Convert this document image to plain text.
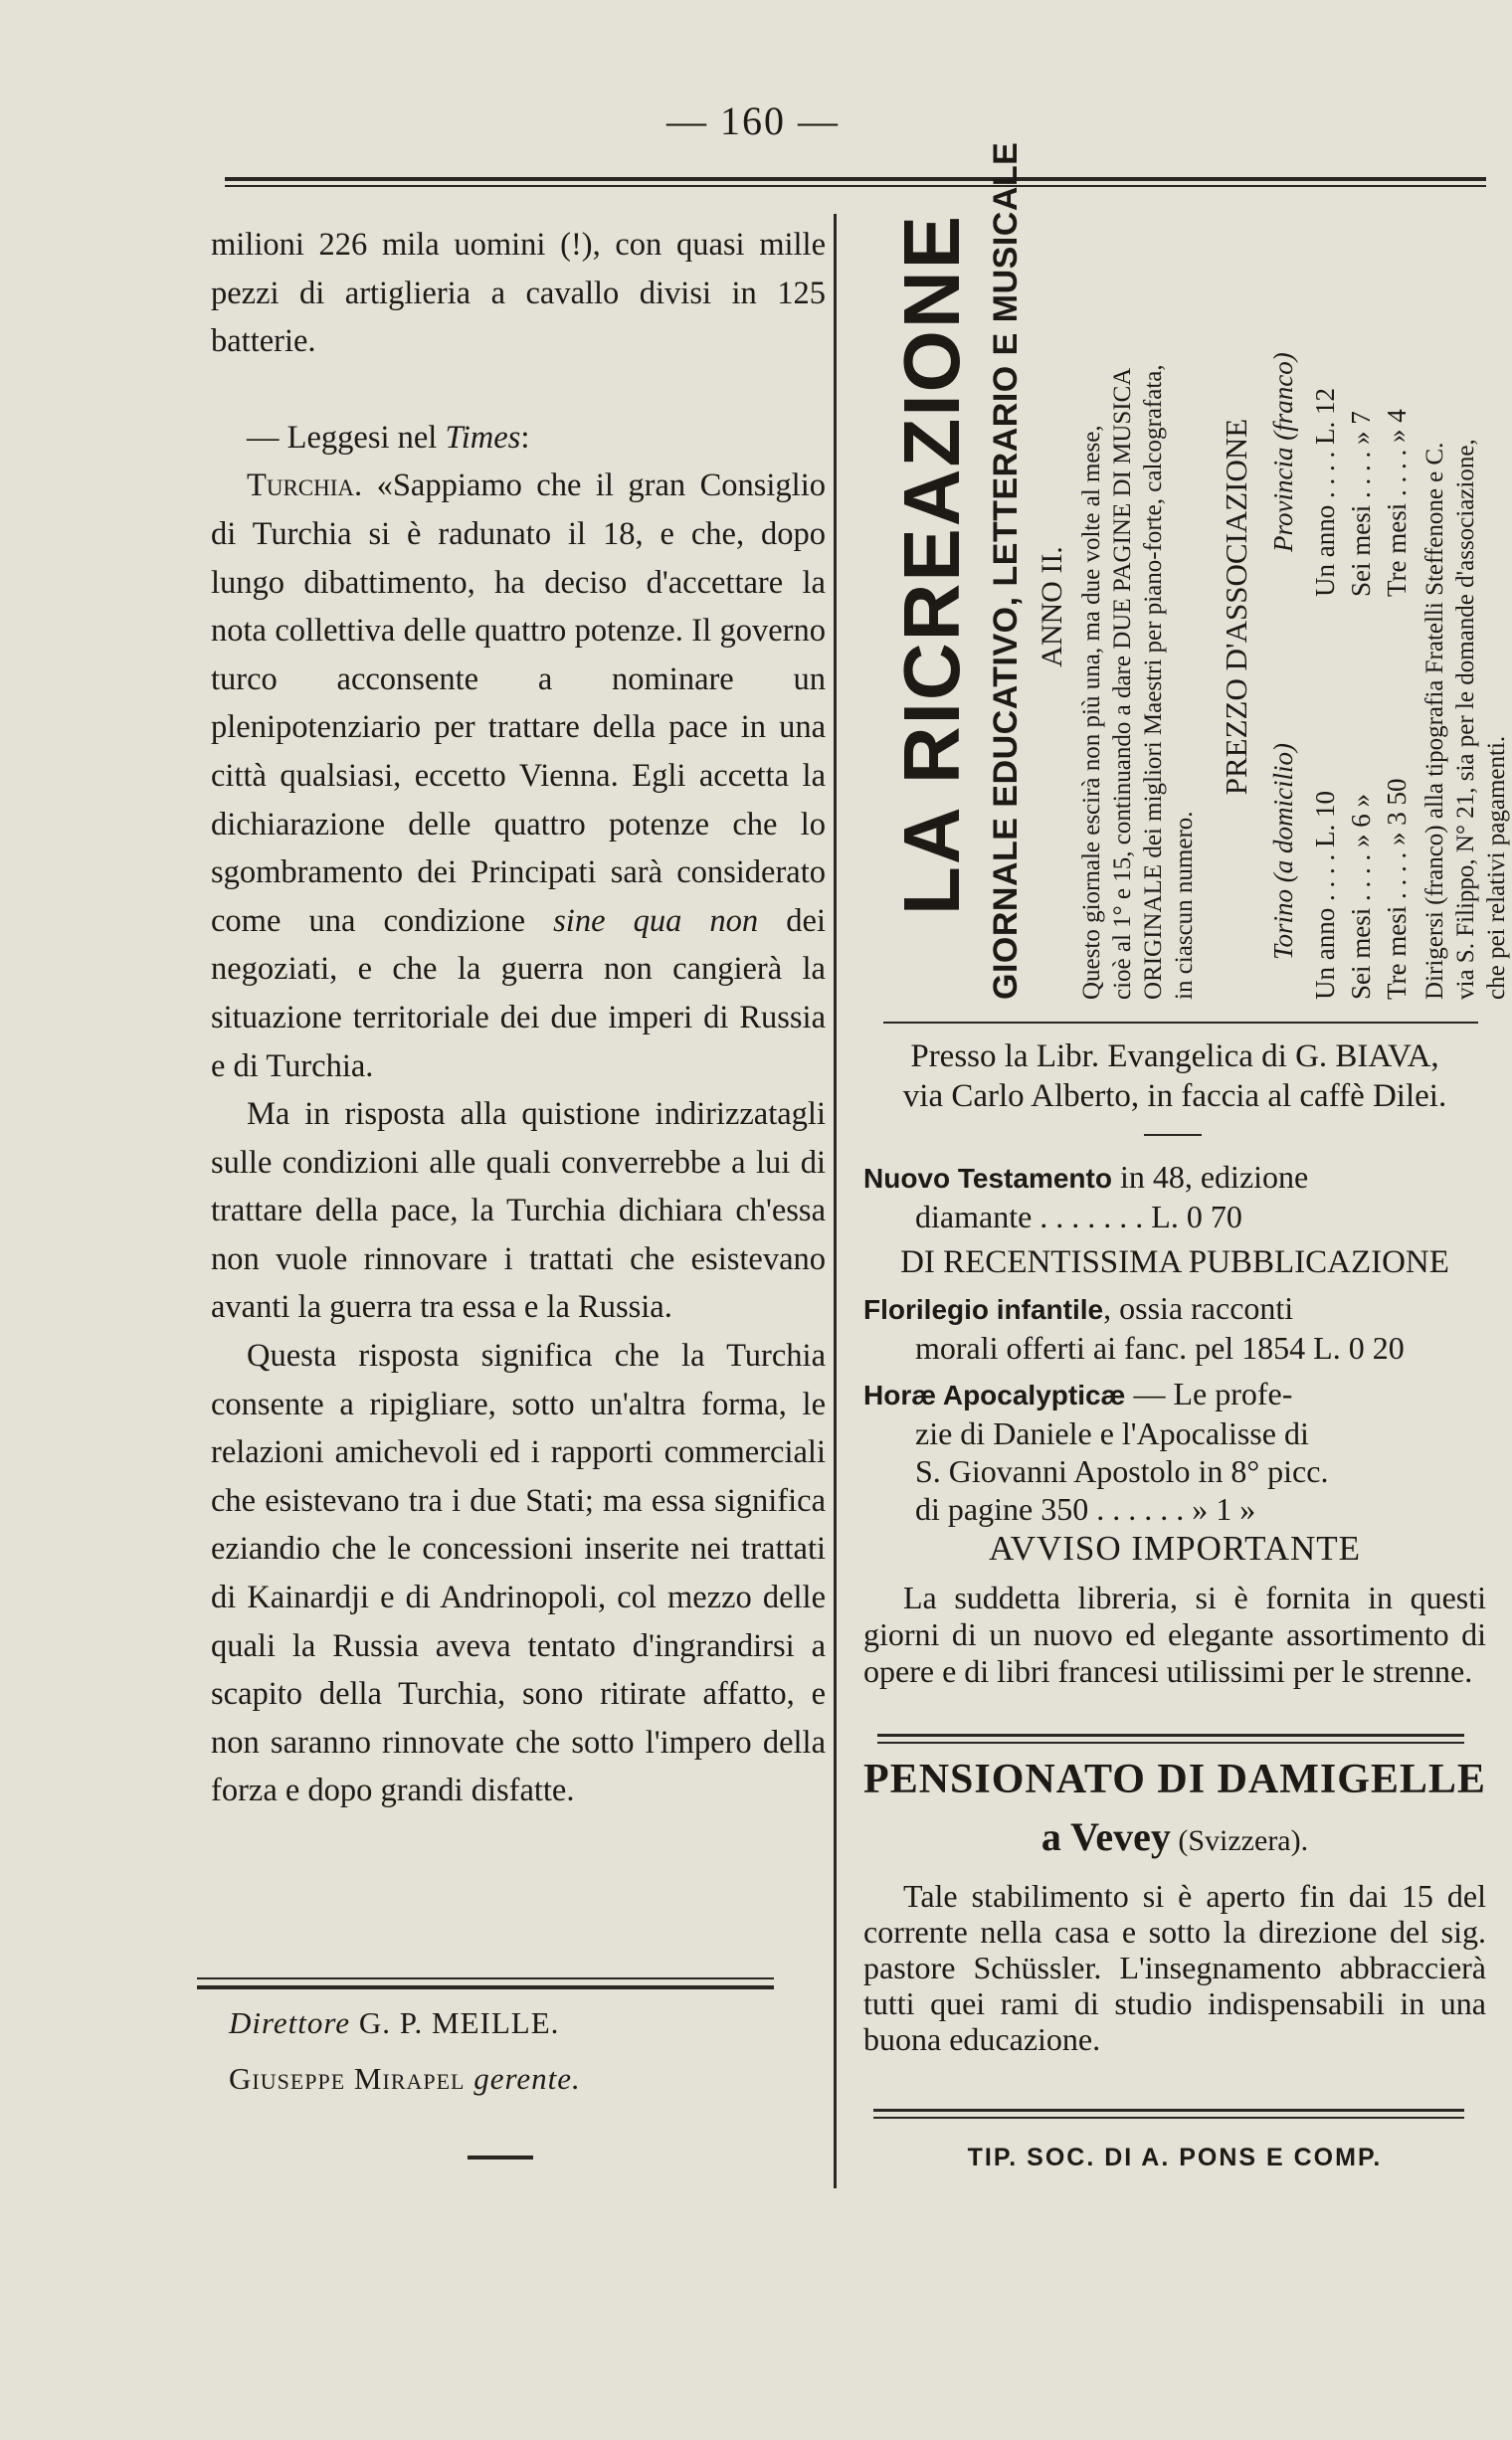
— 160 —

milioni 226 mila uomini (!), con quasi mille pezzi di artiglieria a cavallo divisi in 125 batterie.

— Leggesi nel Times:

Turchia. «Sappiamo che il gran Consiglio di Turchia si è radunato il 18, e che, dopo lungo dibattimento, ha deciso d'accettare la nota collettiva delle quattro potenze. Il governo turco acconsente a nominare un plenipotenziario per trattare della pace in una città qualsiasi, eccetto Vienna. Egli accetta la dichiarazione delle quattro potenze che lo sgombramento dei Principati sarà considerato come una condizione sine qua non dei negoziati, e che la guerra non cangierà la situazione territoriale dei due imperi di Russia e di Turchia.

Ma in risposta alla quistione indirizzatagli sulle condizioni alle quali converrebbe a lui di trattare della pace, la Turchia dichiara ch'essa non vuole rinnovare i trattati che esistevano avanti la guerra tra essa e la Russia.

Questa risposta significa che la Turchia consente a ripigliare, sotto un'altra forma, le relazioni amichevoli ed i rapporti commerciali che esistevano tra i due Stati; ma essa significa eziandio che le concessioni inserite nei trattati di Kainardji e di Andrinopoli, col mezzo delle quali la Russia aveva tentato d'ingrandirsi a scapito della Turchia, sono ritirate affatto, e non saranno rinnovate che sotto l'impero della forza e dopo grandi disfatte.

Direttore G. P. MEILLE.
Giuseppe Mirapel gerente.
LA RICREAZIONE GIORNALE EDUCATIVO, LETTERARIO E MUSICALE ANNO II. Questo giornale escirà non più una, ma due volte al mese, cioè al 1° e 15, continuando a dare DUE PAGINE DI MUSICA ORIGINALE dei migliori Maestri per piano-forte, calcografata, in ciascun numero.
PREZZO D'ASSOCIAZIONE
Torino (a domicilio)
Provincia (franco)
Un anno . . . . L. 10
Un anno . . . . L. 12
Sei mesi . . . . » 6 »
Sei mesi . . . . » 7
Tre mesi . . . . » 3 50
Tre mesi . . . . » 4 Dirigersi (franco) alla tipografia Fratelli Steffenone e C. via S. Filippo, N° 21, sia per le domande d'associazione, che pei relativi pagamenti.
Presso la Libr. Evangelica di G. BIAVA,
via Carlo Alberto, in faccia al caffè Dilei.
Nuovo Testamento in 48, edizione
diamante . . . . . . . L. 0 70
DI RECENTISSIMA PUBBLICAZIONE
Florilegio infantile, ossia racconti
morali offerti ai fanc. pel 1854 L. 0 20
Horæ Apocalypticæ — Le profe-
zie di Daniele e l'Apocalisse di
S. Giovanni Apostolo in 8° picc.
di pagine 350 . . . . . . » 1 »
AVVISO IMPORTANTE
La suddetta libreria, si è fornita in questi giorni di un nuovo ed elegante assortimento di opere e di libri francesi utilissimi per le strenne.
PENSIONATO DI DAMIGELLE
a Vevey (Svizzera).
Tale stabilimento si è aperto fin dai 15 del corrente nella casa e sotto la direzione del sig. pastore Schüssler. L'insegnamento abbraccierà tutti quei rami di studio indispensabili in una buona educazione.
TIP. SOC. DI A. PONS E COMP.
